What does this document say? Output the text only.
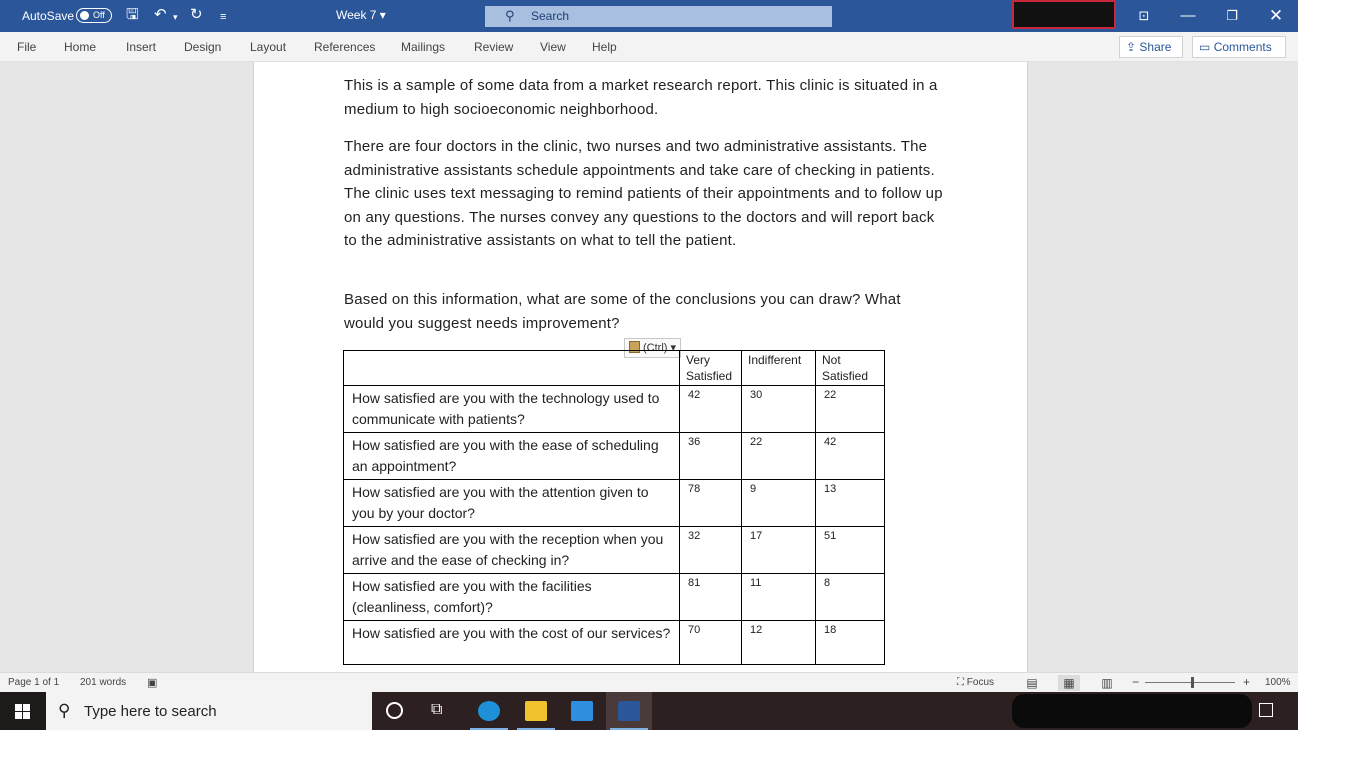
AutoSave Off 🖫 ↶ ▾ ↻ ≡	Week 7 ▾	⚲ Search	⊡	—	❐	✕
File Home Insert Design Layout References Mailings Review View Help	⇪ Share	▭ Comments

This is a sample of some data from a market research report. This clinic is situated in a medium to high socioeconomic neighborhood.

There are four doctors in the clinic, two nurses and two administrative assistants. The administrative assistants schedule appointments and take care of checking in patients. The clinic uses text messaging to remind patients of their appointments and to follow up on any questions. The nurses convey any questions to the doctors and will report back to the administrative assistants on what to tell the patient.

Based on this information, what are some of the conclusions you can draw? What would you suggest needs improvement?

(Ctrl) ▾
	Very Satisfied	Indifferent	Not Satisfied
How satisfied are you with the technology used to communicate with patients?	42	30	22
How satisfied are you with the ease of scheduling an appointment?	36	22	42
How satisfied are you with the attention given to you by your doctor?	78	9	13
How satisfied are you with the reception when you arrive and the ease of checking in?	32	17	51
How satisfied are you with the facilities (cleanliness, comfort)?	81	11	8
How satisfied are you with the cost of our services?	70	12	18
Page 1 of 1 201 words ▣	⛶ Focus	▤	▦	▥	−	+ 100%
⚲ Type here to search	⧉
